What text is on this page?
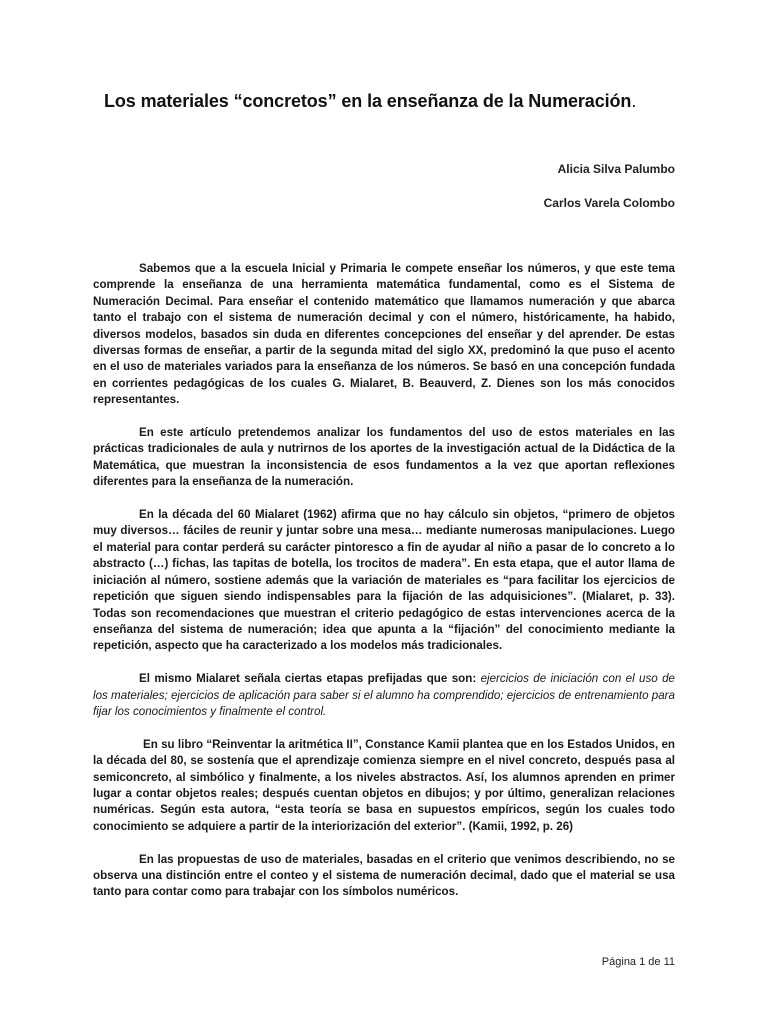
Los materiales “concretos” en la enseñanza de la Numeración.

Alicia Silva Palumbo

Carlos Varela Colombo

Sabemos que a la escuela Inicial y Primaria le compete enseñar los números, y que este tema comprende la enseñanza de una herramienta matemática fundamental, como es el Sistema de Numeración Decimal. Para enseñar el contenido matemático que llamamos numeración y que abarca tanto el trabajo con el sistema de numeración decimal y con el número, históricamente, ha habido, diversos modelos, basados sin duda en diferentes concepciones del enseñar y del aprender. De estas diversas formas de enseñar, a partir de la segunda mitad del siglo XX, predominó la que puso el acento en el uso de materiales variados para la enseñanza de los números. Se basó en una concepción fundada en corrientes pedagógicas de los cuales G. Mialaret, B. Beauverd, Z. Dienes son los más conocidos representantes.

En este artículo pretendemos analizar los fundamentos del uso de estos materiales en las prácticas tradicionales de aula y nutrirnos de los aportes de la investigación actual de la Didáctica de la Matemática, que muestran la inconsistencia de esos fundamentos a la vez que aportan reflexiones diferentes para la enseñanza de la numeración.

En la década del 60 Mialaret (1962) afirma que no hay cálculo sin objetos, “primero de objetos muy diversos… fáciles de reunir y juntar sobre una mesa… mediante numerosas manipulaciones. Luego el material para contar perderá su carácter pintoresco a fin de ayudar al niño a pasar de lo concreto a lo abstracto (…) fichas, las tapitas de botella, los trocitos de madera”. En esta etapa, que el autor llama de iniciación al número, sostiene además que la variación de materiales es “para facilitar los ejercicios de repetición que siguen siendo indispensables para la fijación de las adquisiciones”. (Mialaret, p. 33). Todas son recomendaciones que muestran el criterio pedagógico de estas intervenciones acerca de la enseñanza del sistema de numeración; idea que apunta a la “fijación” del conocimiento mediante la repetición, aspecto que ha caracterizado a los modelos más tradicionales.

El mismo Mialaret señala ciertas etapas prefijadas que son: ejercicios de iniciación con el uso de los materiales; ejercicios de aplicación para saber si el alumno ha comprendido; ejercicios de entrenamiento para fijar los conocimientos y finalmente el control.

En su libro “Reinventar la aritmética II”, Constance Kamii plantea que en los Estados Unidos, en la década del 80, se sostenía que el aprendizaje comienza siempre en el nivel concreto, después pasa al semiconcreto, al simbólico y finalmente, a los niveles abstractos. Así, los alumnos aprenden en primer lugar a contar objetos reales; después cuentan objetos en dibujos; y por último, generalizan relaciones numéricas. Según esta autora, “esta teoría se basa en supuestos empíricos, según los cuales todo conocimiento se adquiere a partir de la interiorización del exterior”. (Kamii, 1992, p. 26)

En las propuestas de uso de materiales, basadas en el criterio que venimos describiendo, no se observa una distinción entre el conteo y el sistema de numeración decimal, dado que el material se usa tanto para contar como para trabajar con los símbolos numéricos.

Página 1 de 11
